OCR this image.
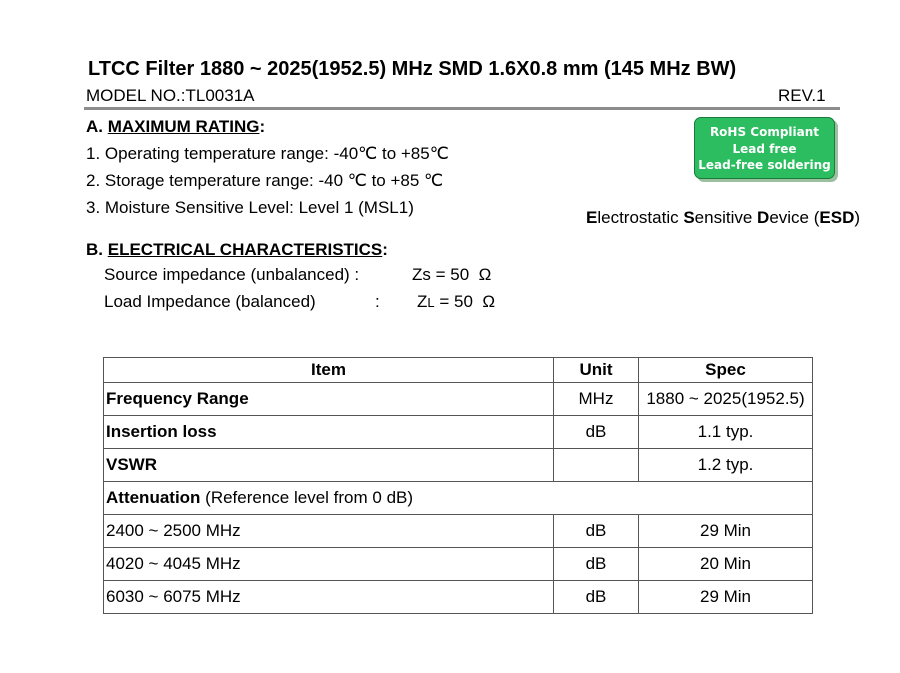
LTCC Filter 1880 ~ 2025(1952.5) MHz SMD 1.6X0.8 mm (145 MHz BW)
MODEL NO.:TL0031A	REV.1
A. MAXIMUM RATING:
1. Operating temperature range: -40℃ to +85℃
2. Storage temperature range: -40 ℃ to +85 ℃
3. Moisture Sensitive Level: Level 1 (MSL1)
RoHS Compliant
Lead free
Lead-free soldering
Electrostatic Sensitive Device (ESD)
B. ELECTRICAL CHARACTERISTICS:
Source impedance (unbalanced) :	Zs = 50 Ω
Load Impedance (balanced)	: ZL = 50 Ω
Item	Unit	Spec
Frequency Range	MHz	1880 ~ 2025(1952.5)
Insertion loss	dB	1.1 typ.
VSWR		1.2 typ.
Attenuation (Reference level from 0 dB)		
2400 ~ 2500 MHz	dB	29 Min
4020 ~ 4045 MHz	dB	20 Min
6030 ~ 6075 MHz	dB	29 Min
